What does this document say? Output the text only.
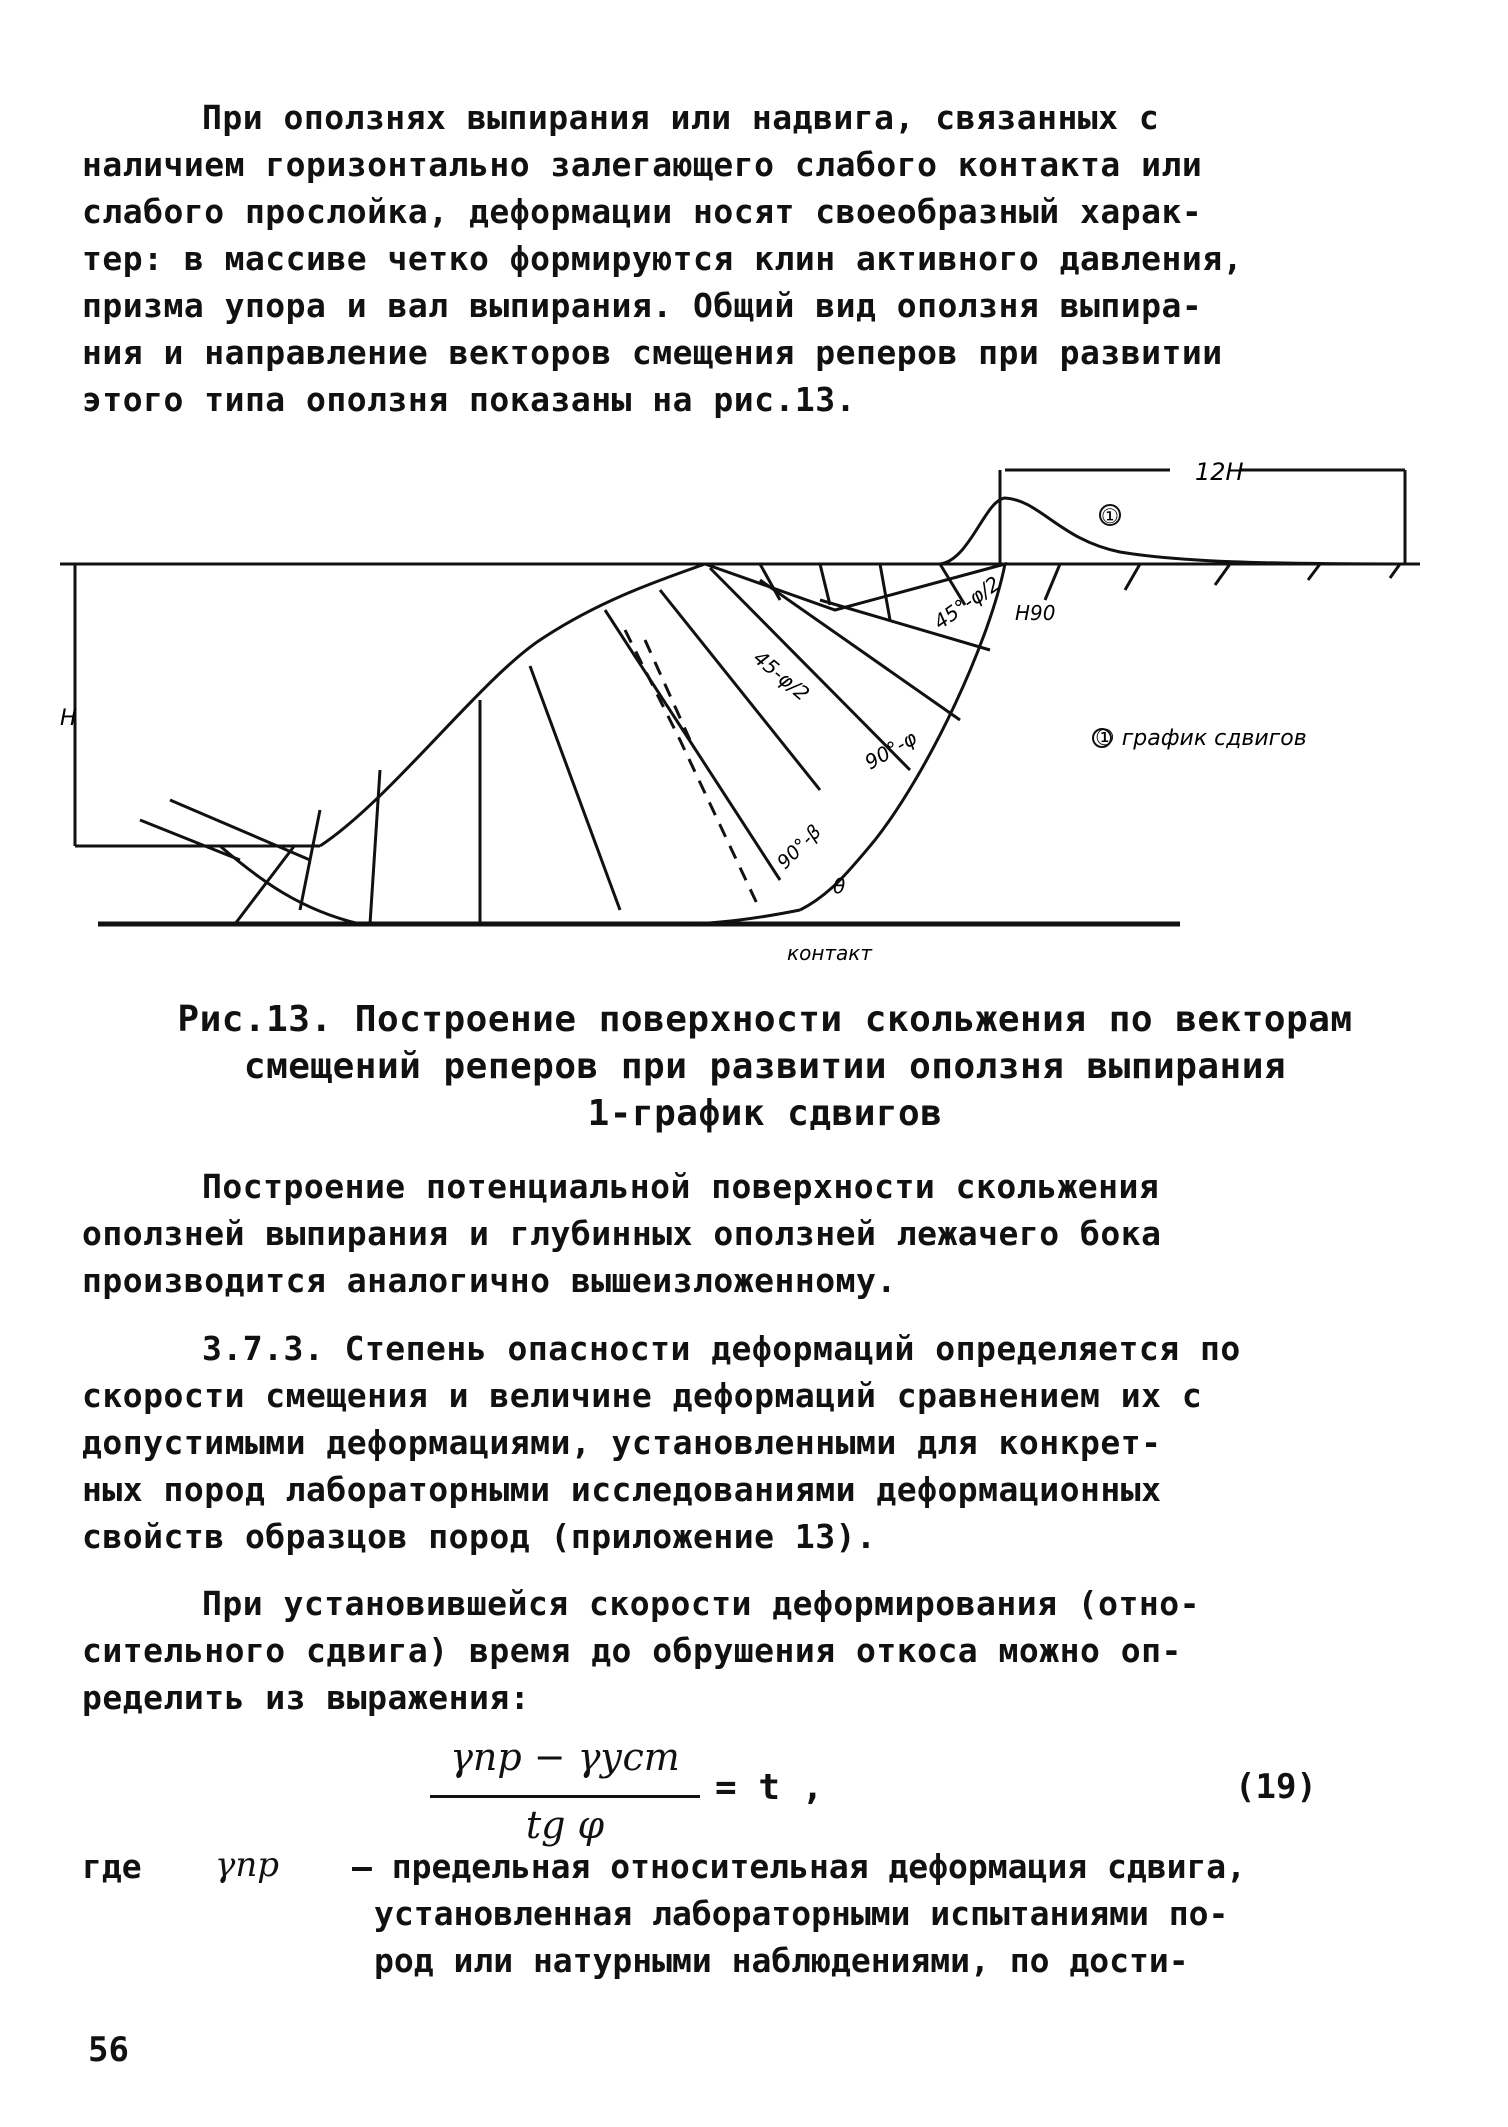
При оползнях выпирания или надвига, связанных с
наличием горизонтально залегающего слабого контакта или
слабого прослойка, деформации носят своеобразный харак-
тер: в массиве четко формируются клин активного давления,
призма упора и вал выпирания. Общий вид оползня выпира-
ния и направление векторов смещения реперов при развитии
этого типа оползня показаны на рис.13.
12H
H
①
45-φ/2
45°-φ/2 H90
90°-φ
90°-β
θ
① график сдвигов
контакт
Рис.13. Построение поверхности скольжения по векторам
смещений реперов при развитии оползня выпирания
1-график сдвигов
Построение потенциальной поверхности скольжения
оползней выпирания и глубинных оползней лежачего бока
производится аналогично вышеизложенному.
3.7.3. Степень опасности деформаций определяется по
скорости смещения и величине деформаций сравнением их с
допустимыми деформациями, установленными для конкрет-
ных пород лабораторными исследованиями деформационных
свойств образцов пород (приложение 13).
При установившейся скорости деформирования (отно-
сительного сдвига) время до обрушения откоса можно оп-
ределить из выражения:
γпр − γуст
tg φ
= t ,	(19)
где γпр – предельная относительная деформация сдвига,
установленная лабораторными испытаниями по-
род или натурными наблюдениями, по дости-
56
